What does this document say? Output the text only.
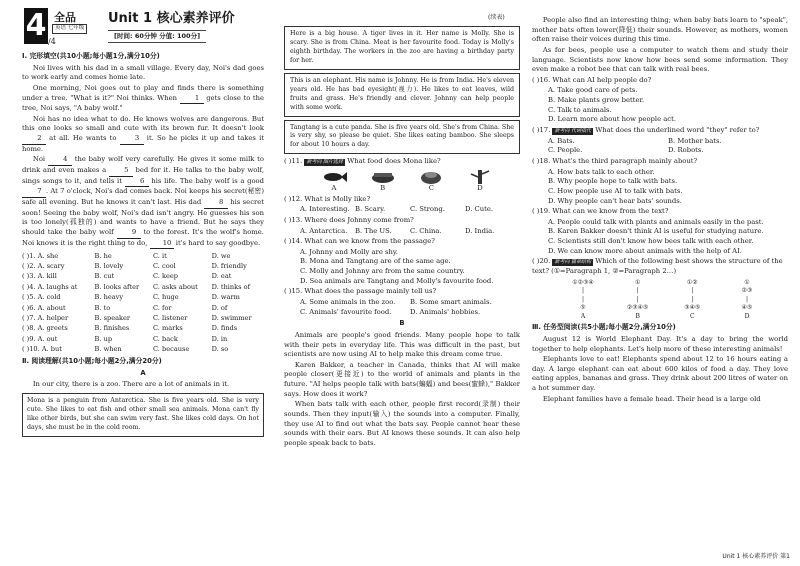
4 /4
全品
英语 七年级
Unit 1 核心素养评价
[时间: 60分钟 分值: 100分]
Ⅰ. 完形填空(共10小题;每小题1分,满分10分)

Noi lives with his dad in a small village. Every day, Noi's dad goes to work early and comes home late.

One morning, Noi goes out to play and finds there is something under a tree. "What is it?" Noi thinks. When	1 gets close to the tree, Noi says, "A baby wolf."

Noi has no idea what to do. He knows wolves are dangerous. But this one looks so small and cute with its brown fur. It doesn't look 2 at all. He wants to	3 it. So he picks it up and takes it home.

Noi	4 the baby wolf very carefully. He gives it some milk to drink and even makes a	5 bed for it. He talks to the baby wolf, sings songs to it, and tells it	6 his life. The baby wolf is a good 7 . At 7 o'clock, Noi's dad comes back. Noi keeps his secret(秘密) safe all evening. But he knows it can't last. His dad	8 his secret soon! Seeing the baby wolf, Noi's dad isn't angry. He guesses his son is too lonely(孤独的) and wants to have a friend. But he says they should take the baby wolf	9 to the forest. It's the wolf's home. Noi knows it is the right thing to do, 10 it's hard to say goodbye.

( )1. A. she	B. he	C. it	D. we
( )2. A. scary	B. lovely	C. cool	D. friendly
( )3. A. kill	B. cut	C. keep	D. eat
( )4. A. laughs at	B. looks after	C. asks about	D. thinks of
( )5. A. cold	B. heavy	C. huge	D. warm
( )6. A. about	B. to	C. for	D. of
( )7. A. helper	B. speaker	C. listener	D. swimmer
( )8. A. greets	B. finishes	C. marks	D. finds
( )9. A. out	B. up	C. back	D. in
( )10. A. but	B. when	C. because	D. so
Ⅱ. 阅读理解(共10小题;每小题2分,满分20分)
A

In our city, there is a zoo. There are a lot of animals in it.

Mona is a penguin from Antarctica. She is five years old. She is very cute. She likes to eat fish and other small sea animals. Mona can't fly like other birds, but she can swim very fast. She likes cold days. On hot days, she must be in the cold room.
Here is a big house. A tiger lives in it. Her name is Molly. She is scary. She is from China. Meat is her favourite food. Today is Molly's eighth birthday. The workers in the zoo are having a birthday party for her.
This is an elephant. His name is Johnny. He is from India. He's eleven years old. He has bad eyesight(视力). He likes to eat leaves, wild fruits and grass. He's friendly and clever. Johnny can help people with some work.
Tangtang is a cute panda. She is five years old. She's from China. She is very shy, so please be quiet. She likes eating bamboo. She sleeps for about 10 hours a day.
( )11. 新考向 图片选择 What food does Mona like?
A	B	C	D
( )12. What is Molly like?
A. Interesting. B. Scary.	C. Strong.	D. Cute.
( )13. Where does Johnny come from?
A. Antarctica.	B. The US.	C. China.	D. India.
( )14. What can we know from the passage?
A. Johnny and Molly are shy.
B. Mona and Tangtang are of the same age.
C. Molly and Johnny are from the same country.
D. Sea animals are Tangtang and Molly's favourite food.
( )15. What does the passage mainly tell us?
A. Some animals in the zoo.	B. Some smart animals.
C. Animals' favourite food.	D. Animals' hobbies.
B

Animals are people's good friends. Many people hope to talk with their pets in everyday life. This was difficult in the past, but scientists are now using AI to help make this dream come true.

Karen Bakker, a teacher in Canada, thinks that AI will make people closer(更接近) to the world of animals and plants in the future. "AI helps people talk with bats(蝙蝠) and bees(蜜蜂)," Bakker says. How does it work?

When bats talk with each other, people first record(录制) their sounds. Then they input(输入) the sounds into a computer. Finally, they use AI to find out what the bats say. People cannot hear these sounds with their ears. But AI knows these sounds. It can also help people speak back to bats.

(续表)	People also find an interesting thing; when baby bats learn to "speak", mother bats often lower(降低) their sounds. However, as mothers, women often raise their voices during this time.

As for bees, people use a computer to watch them and study their language. Scientists now know how bees send some information. They even make a robot bee that can talk with real bees.

( )16. What can AI help people do?
A. Take good care of pets.
B. Make plants grow better.
C. Talk to animals.
D. Learn more about how people act.
( )17. 新考向 代词指代 What does the underlined word "they" refer to?
A. Bats.	B. Mother bats.
C. People.	D. Robots.
( )18. What's the third paragraph mainly about?
A. How bats talk to each other.
B. Why people hope to talk with bats.
C. How people use AI to talk with bats.
D. Why people can't hear bats' sounds.
( )19. What can we know from the text?
A. People could talk with plants and animals easily in the past.
B. Karen Bakker doesn't think AI is useful for studying nature.
C. Scientists still don't know how bees talk with each other.
D. We can know more about animals with the help of AI.
( )20. 新考向 篇章结构 Which of the following best shows the structure of the text? (①=Paragraph 1, ②=Paragraph 2…)
①②③④
|
|
⑤
A
①
|
|
②③④⑤
B
①②
|
|
③④⑤
C
①
②③
|
④⑤
D
Ⅲ. 任务型阅读(共5小题;每小题2分,满分10分)

August 12 is World Elephant Day. It's a day to bring the world together to help elephants. Let's help more of these interesting animals!

Elephants love to eat! Elephants spend about 12 to 16 hours eating a day. A large elephant can eat about 600 kilos of food a day. They love eating apples, bananas and grass. They drink about 200 litres of water on a hot summer day.

Elephant families have a female head. Their head is a large old

Unit 1 核心素养评价 第1
